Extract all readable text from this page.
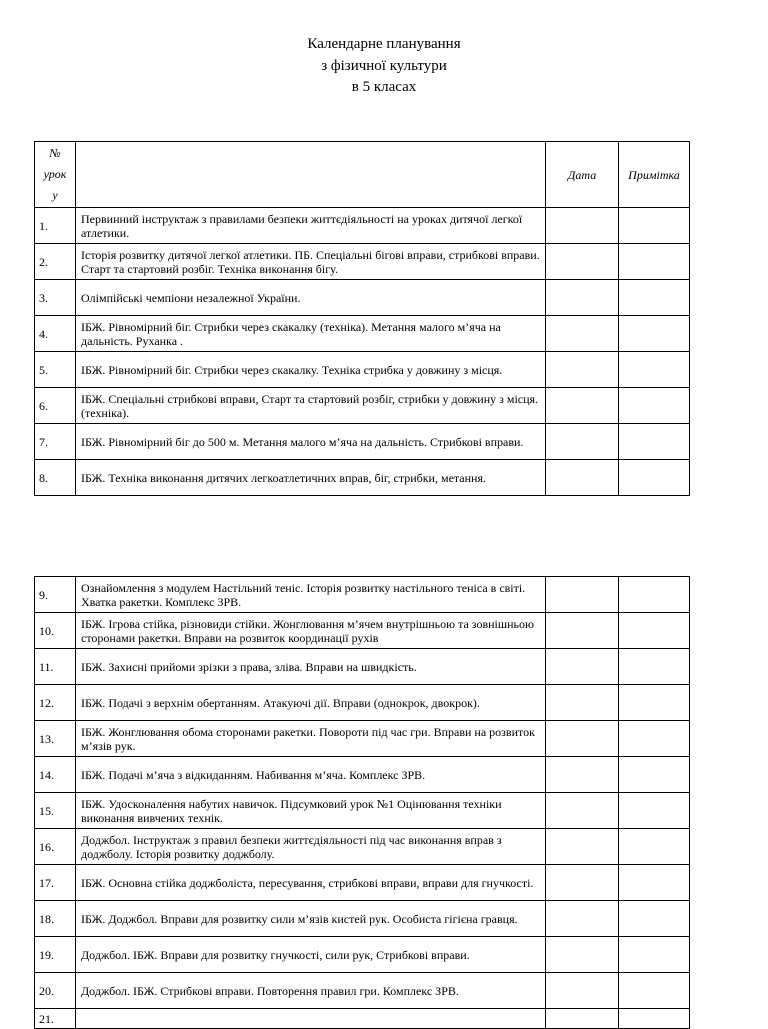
Календарне планування
з фізичної культури
в 5 класах
№
урок
у		Дата	Примітка
1.	Первинний інструктаж з правилами безпеки життєдіяльності на уроках дитячої легкої атлетики.		
2.	Історія розвитку дитячої легкої атлетики. ПБ. Спеціальні бігові вправи, стрибкові вправи. Старт та стартовий розбіг. Техніка виконання бігу.		
3.	Олімпійські чемпіони незалежної України.		
4.	ІБЖ. Рівномірний біг. Стрибки через скакалку (техніка). Метання малого м’яча на дальність. Руханка .		
5.	ІБЖ. Рівномірний біг. Стрибки через скакалку. Техніка стрибка у довжину з місця.		
6.	ІБЖ. Спеціальні стрибкові вправи, Старт та стартовий розбіг, стрибки у довжину з місця. (техніка).		
7.	ІБЖ. Рівномірний біг до 500 м. Метання малого м’яча на дальність. Стрибкові вправи.		
8.	ІБЖ. Техніка виконання дитячих легкоатлетичних вправ, біг, стрибки, метання.		
9.	Ознайомлення з модулем Настільний теніс. Історія розвитку настільного теніса в світі. Хватка ракетки. Комплекс ЗРВ.		
10.	ІБЖ. Ігрова стійка, різновиди стійки. Жонглювання м’ячем внутрішньою та зовнішньою сторонами ракетки. Вправи на розвиток координації рухів		
11.	ІБЖ. Захисні прийоми зрізки з права, зліва. Вправи на швидкість.		
12.	ІБЖ. Подачі з верхнім обертанням. Атакуючі дії. Вправи (однокрок, двокрок).		
13.	ІБЖ. Жонглювання обома сторонами ракетки. Повороти під час гри. Вправи на розвиток м’язів рук.		
14.	ІБЖ. Подачі м’яча з відкиданням. Набивання м’яча. Комплекс ЗРВ.		
15.	ІБЖ. Удосконалення набутих навичок. Підсумковий урок №1 Оцінювання техніки виконання вивчених технік.		
16.	Доджбол. Інструктаж з правил безпеки життєдіяльності під час виконання вправ з доджболу. Історія розвитку доджболу.		
17.	ІБЖ. Основна стійка доджболіста, пересування, стрибкові вправи, вправи для гнучкості.		
18.	ІБЖ. Доджбол. Вправи для розвитку сили м’язів кистей рук. Особиста гігієна гравця.		
19.	Доджбол. ІБЖ. Вправи для розвитку гнучкості, сили рук, Стрибкові вправи.		
20.	Доджбол. ІБЖ. Стрибкові вправи. Повторення правил гри. Комплекс ЗРВ.		
21.			
